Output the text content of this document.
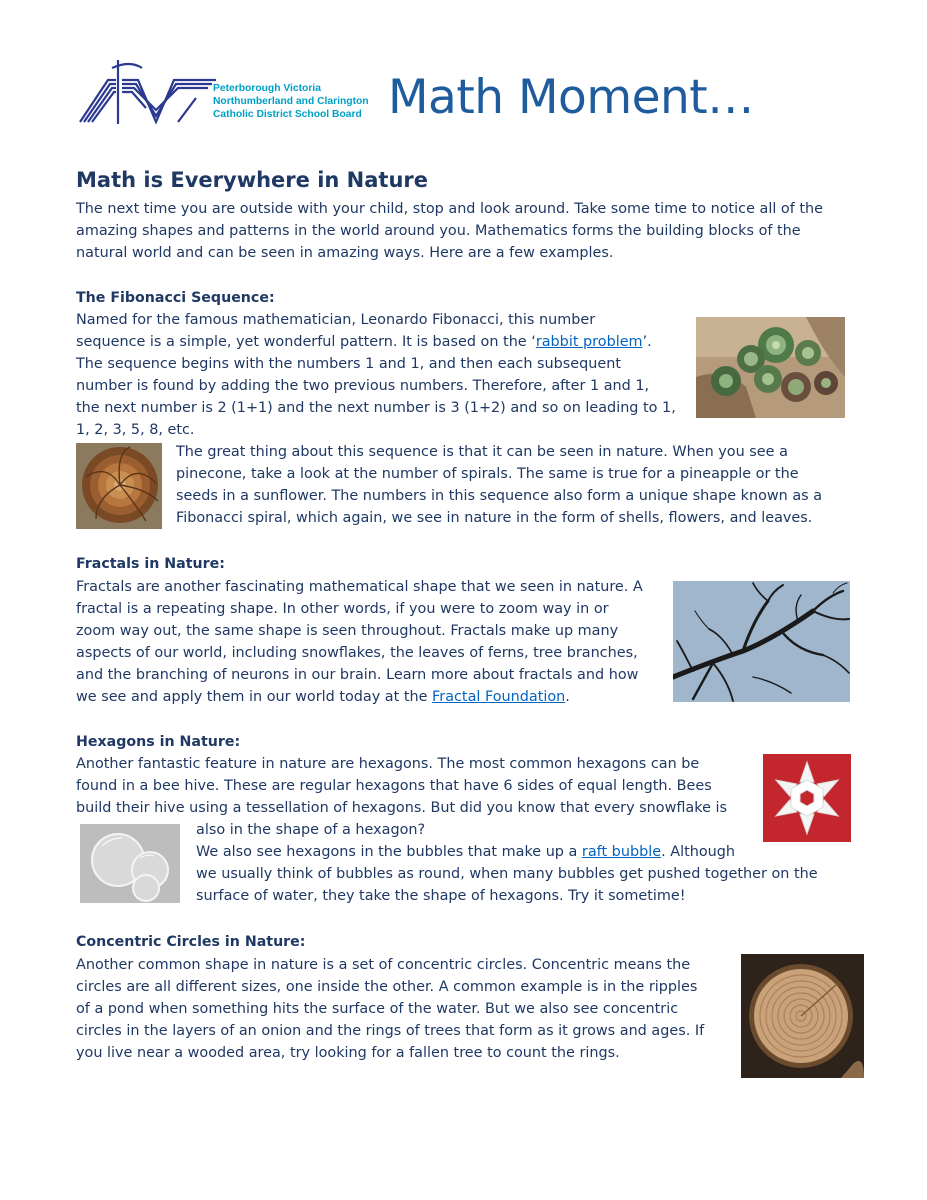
Peterborough Victoria
Northumberland and Clarington
Catholic District School Board Math Moment…
Math is Everywhere in Nature
The next time you are outside with your child, stop and look around. Take some time to notice all of the
amazing shapes and patterns in the world around you. Mathematics forms the building blocks of the
natural world and can be seen in amazing ways. Here are a few examples.
The Fibonacci Sequence:
Named for the famous mathematician, Leonardo Fibonacci, this number
sequence is a simple, yet wonderful pattern. It is based on the ‘rabbit problem’.
The sequence begins with the numbers 1 and 1, and then each subsequent
number is found by adding the two previous numbers. Therefore, after 1 and 1,
the next number is 2 (1+1) and the next number is 3 (1+2) and so on leading to 1,
1, 2, 3, 5, 8, etc.
The great thing about this sequence is that it can be seen in nature. When you see a
pinecone, take a look at the number of spirals. The same is true for a pineapple or the
seeds in a sunflower. The numbers in this sequence also form a unique shape known as a
Fibonacci spiral, which again, we see in nature in the form of shells, flowers, and leaves.
Fractals in Nature:
Fractals are another fascinating mathematical shape that we seen in nature. A
fractal is a repeating shape. In other words, if you were to zoom way in or
zoom way out, the same shape is seen throughout. Fractals make up many
aspects of our world, including snowflakes, the leaves of ferns, tree branches,
and the branching of neurons in our brain. Learn more about fractals and how
we see and apply them in our world today at the Fractal Foundation.
Hexagons in Nature:
Another fantastic feature in nature are hexagons. The most common hexagons can be
found in a bee hive. These are regular hexagons that have 6 sides of equal length. Bees
build their hive using a tessellation of hexagons. But did you know that every snowflake is
also in the shape of a hexagon?
We also see hexagons in the bubbles that make up a raft bubble. Although
we usually think of bubbles as round, when many bubbles get pushed together on the
surface of water, they take the shape of hexagons. Try it sometime!
Concentric Circles in Nature:
Another common shape in nature is a set of concentric circles. Concentric means the
circles are all different sizes, one inside the other. A common example is in the ripples
of a pond when something hits the surface of the water. But we also see concentric
circles in the layers of an onion and the rings of trees that form as it grows and ages. If
you live near a wooded area, try looking for a fallen tree to count the rings.
